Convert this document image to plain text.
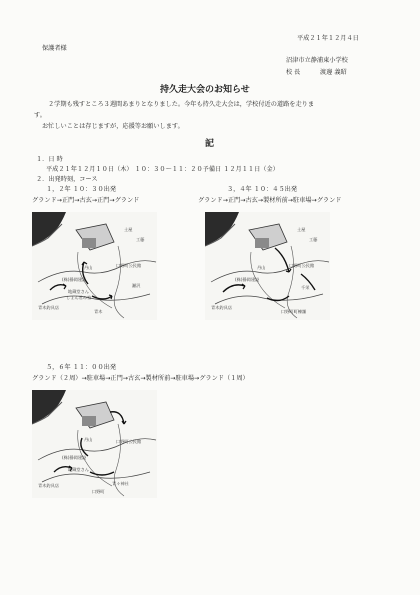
平成２１年１２月４日
保護者様
沼津市立静浦東小学校
校 長	渡邊 義昭
持久走大会のお知らせ
２学期も残すところ３週間あまりとなりました。今年も持久走大会は，学校付近の道路を走りま
す。
お忙しいことは存じますが，応援等お願いします。
記
１．日 時
平成２１年１２月１０日（木） １０：３０～１１：２０予備日 １２月１１日（金）
２．出発時刻，コース
１，２年 １０：３０出発
グランド→正門→古玄→正門→グランド
３，４年 １０：４５出発
グランド→正門→古玄→製材所前→駐車場→グランド
５，６年 １１：００出発
グランド（２周）→駐車場→正門→古玄→製材所前→駐車場→グランド（１周）
土屋
工藤
丹山	口野町公民館
(株)静岡建設
地蔵堂さん
しょん君の家
青木釣具店
青木
瀬沢
土屋
工藤
丹山	口野町公民館
(株)静岡建設
千栄
青木釣具店
口野町町棟舗
丹山	口野町公民館
(株)静岡建設
地蔵堂さん
青木釣具店	青々神社
口野町
